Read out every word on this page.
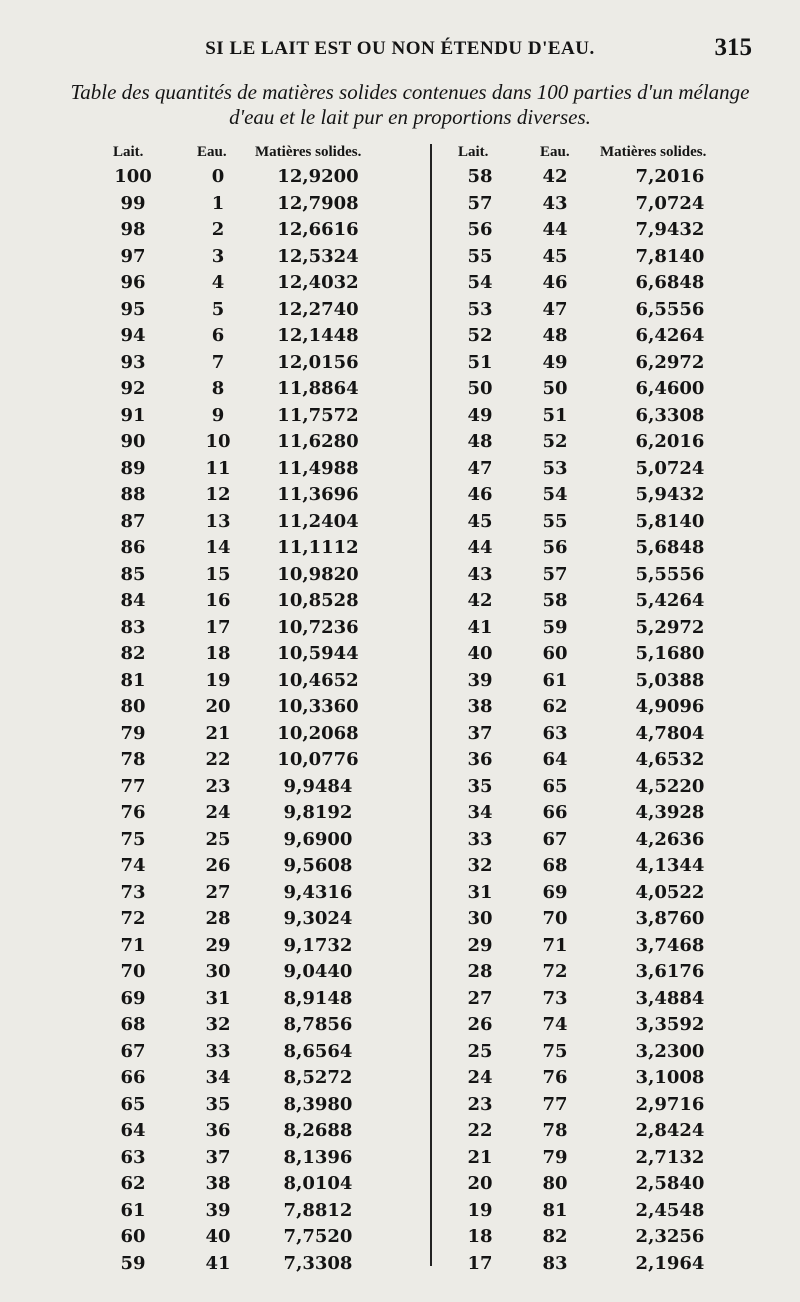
SI LE LAIT EST OU NON ÉTENDU D'EAU.	315
Table des quantités de matières solides contenues dans 100 parties d'un mélange d'eau et le lait pur en proportions diverses.
Lait.	Eau. Matières solides.	Lait.	Eau. Matières solides.
100	0	12,9200	58	42	7,2016
99	1	12,7908	57	43	7,0724
98	2	12,6616	56	44	7,9432
97	3	12,5324	55	45	7,8140
96	4	12,4032	54	46	6,6848
95	5	12,2740	53	47	6,5556
94	6	12,1448	52	48	6,4264
93	7	12,0156	51	49	6,2972
92	8	11,8864	50	50	6,4600
91	9	11,7572	49	51	6,3308
90	10	11,6280	48	52	6,2016
89	11	11,4988	47	53	5,0724
88	12	11,3696	46	54	5,9432
87	13	11,2404	45	55	5,8140
86	14	11,1112	44	56	5,6848
85	15	10,9820	43	57	5,5556
84	16	10,8528	42	58	5,4264
83	17	10,7236	41	59	5,2972
82	18	10,5944	40	60	5,1680
81	19	10,4652	39	61	5,0388
80	20	10,3360	38	62	4,9096
79	21	10,2068	37	63	4,7804
78	22	10,0776	36	64	4,6532
77	23	9,9484	35	65	4,5220
76	24	9,8192	34	66	4,3928
75	25	9,6900	33	67	4,2636
74	26	9,5608	32	68	4,1344
73	27	9,4316	31	69	4,0522
72	28	9,3024	30	70	3,8760
71	29	9,1732	29	71	3,7468
70	30	9,0440	28	72	3,6176
69	31	8,9148	27	73	3,4884
68	32	8,7856	26	74	3,3592
67	33	8,6564	25	75	3,2300
66	34	8,5272	24	76	3,1008
65	35	8,3980	23	77	2,9716
64	36	8,2688	22	78	2,8424
63	37	8,1396	21	79	2,7132
62	38	8,0104	20	80	2,5840
61	39	7,8812	19	81	2,4548
60	40	7,7520	18	82	2,3256
59	41	7,3308	17	83	2,1964
